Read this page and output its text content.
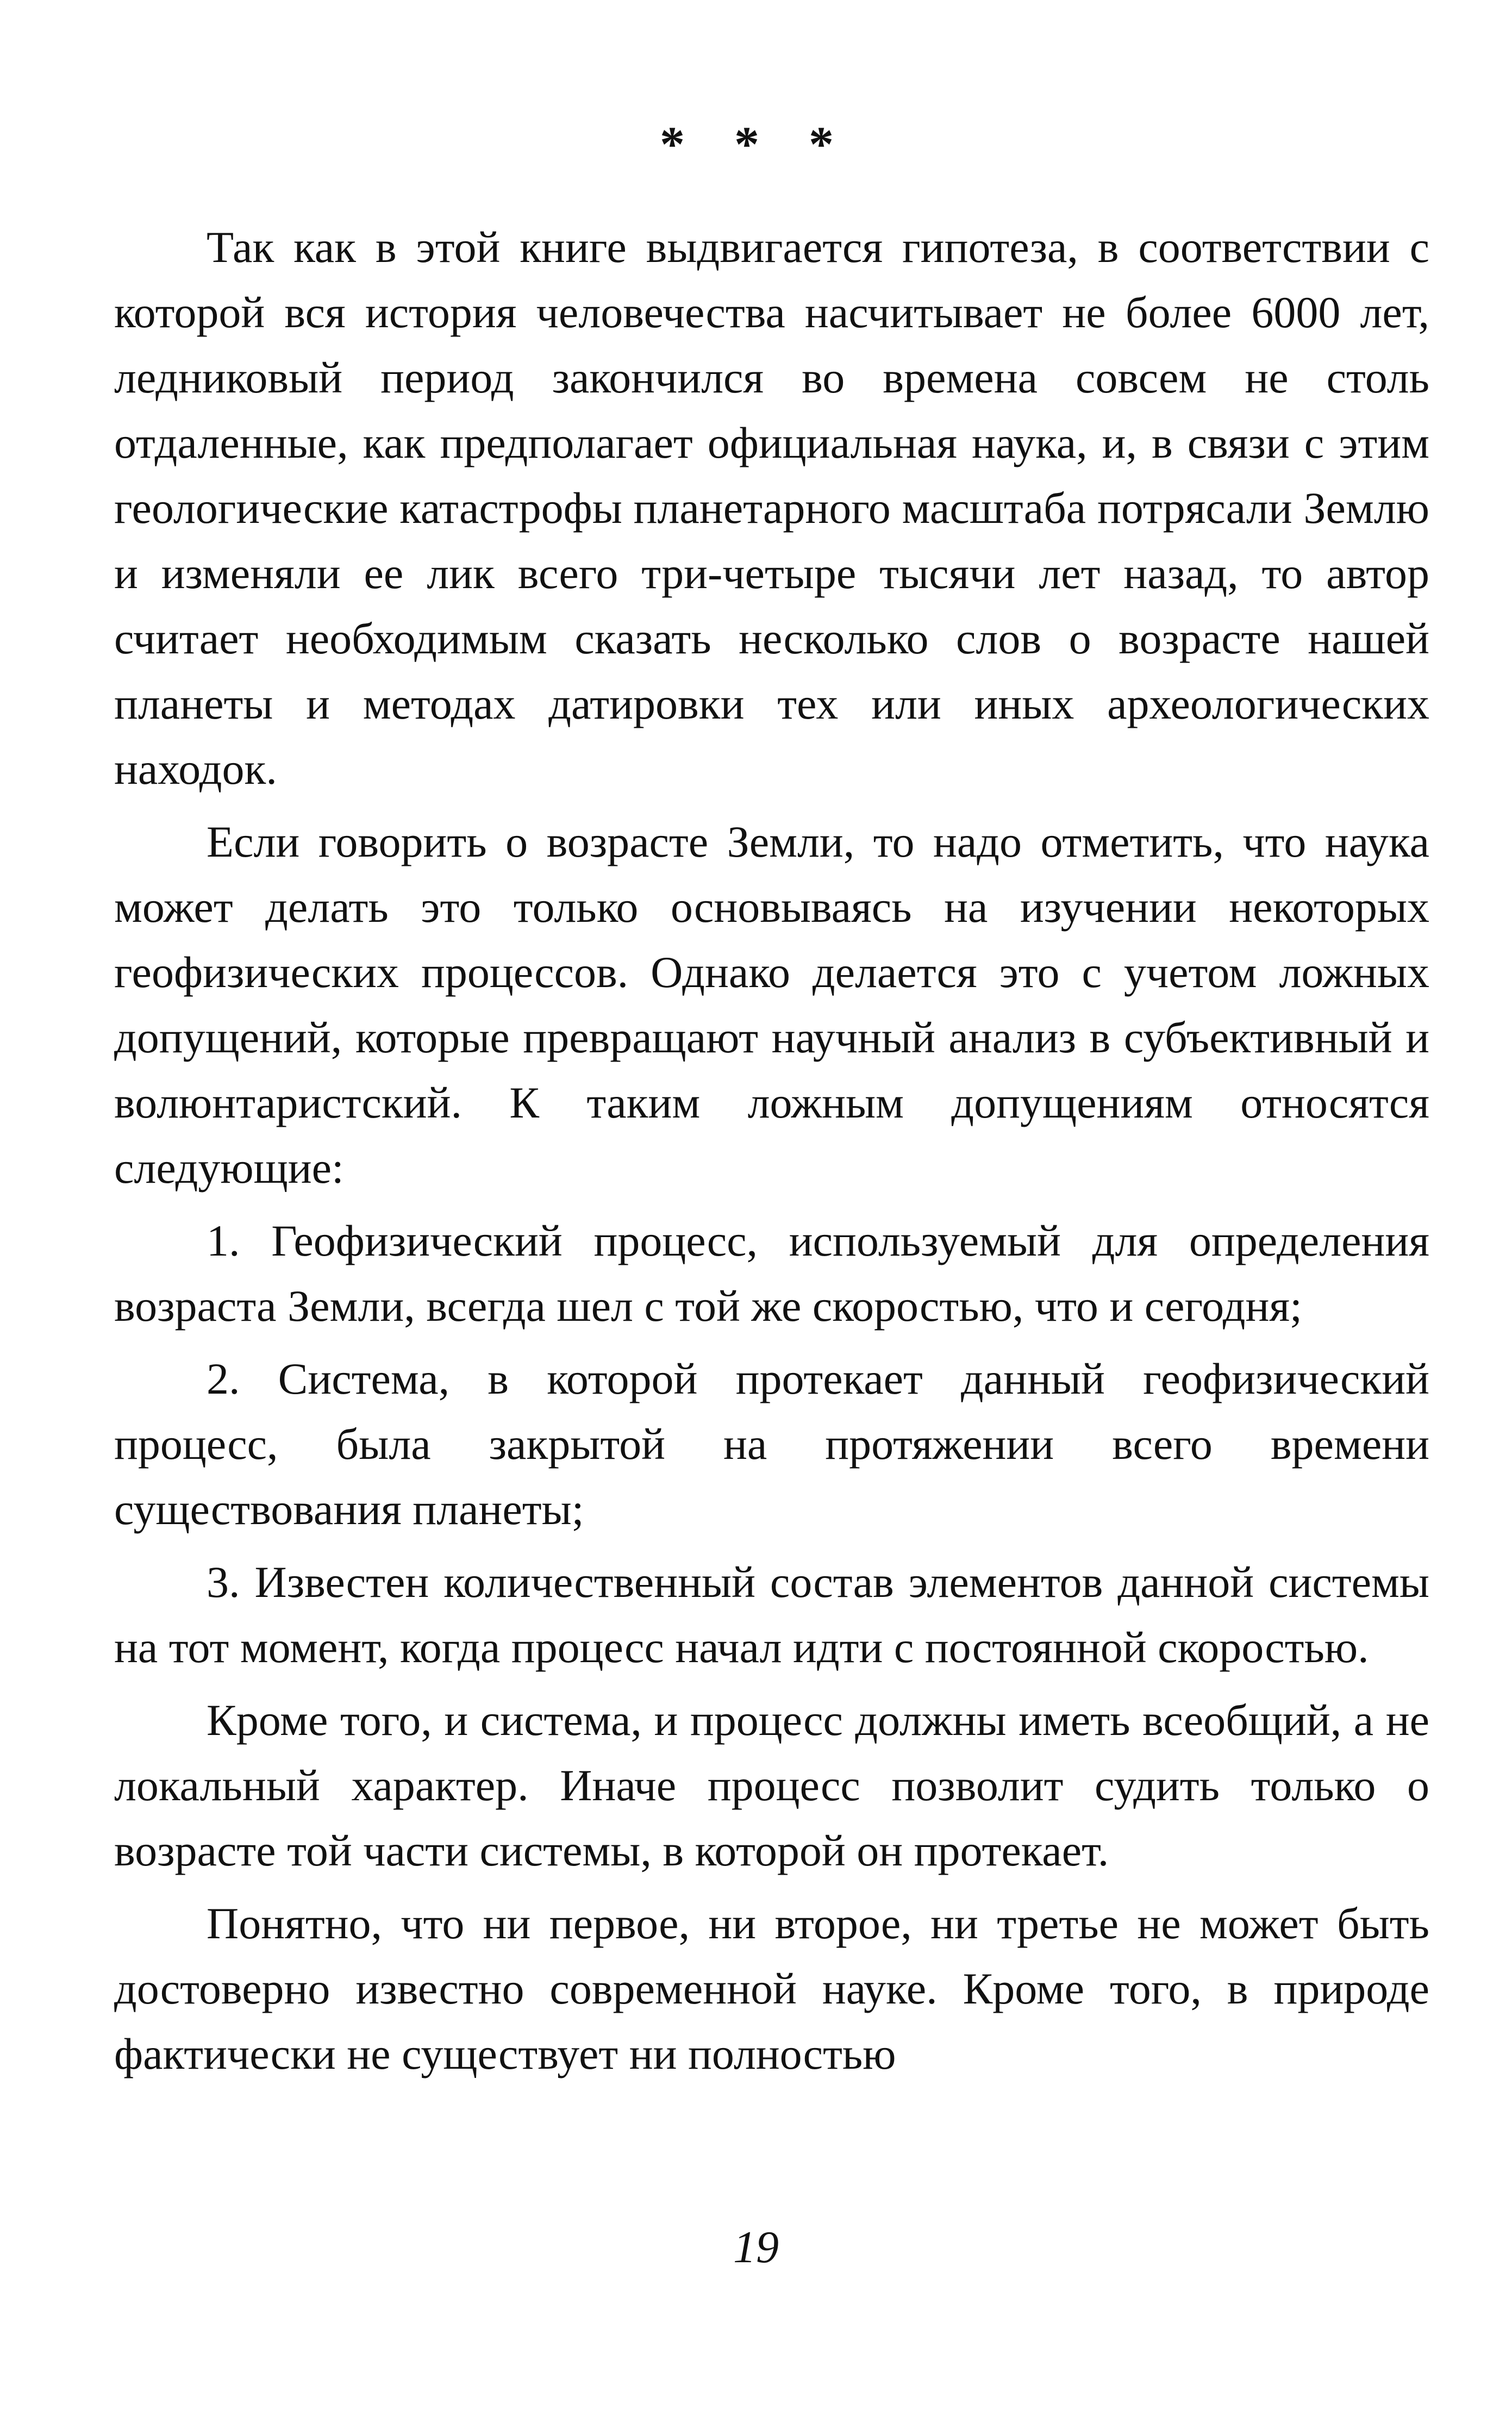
* * *

Так как в этой книге выдвигается гипотеза, в соответствии с которой вся история человечества насчитывает не более 6000 лет, ледниковый период закончился во времена совсем не столь отдаленные, как предполагает официальная наука, и, в связи с этим геологические катастрофы планетарного масштаба потрясали Землю и изменяли ее лик всего три-четыре тысячи лет назад, то автор считает необходимым сказать несколько слов о возрасте нашей планеты и методах датировки тех или иных археологических находок.

Если говорить о возрасте Земли, то надо отметить, что наука может делать это только основываясь на изучении некоторых геофизических процессов. Однако делается это с учетом ложных допущений, которые превращают научный анализ в субъективный и волюнтаристский. К таким ложным допущениям относятся следующие:

1. Геофизический процесс, используемый для определения возраста Земли, всегда шел с той же скоростью, что и сегодня;

2. Система, в которой протекает данный геофизический процесс, была закрытой на протяжении всего времени существования планеты;

3. Известен количественный состав элементов данной системы на тот момент, когда процесс начал идти с постоянной скоростью.

Кроме того, и система, и процесс должны иметь всеобщий, а не локальный характер. Иначе процесс позволит судить только о возрасте той части системы, в которой он протекает.

Понятно, что ни первое, ни второе, ни третье не может быть достоверно известно современной науке. Кроме того, в природе фактически не существует ни полностью

19
